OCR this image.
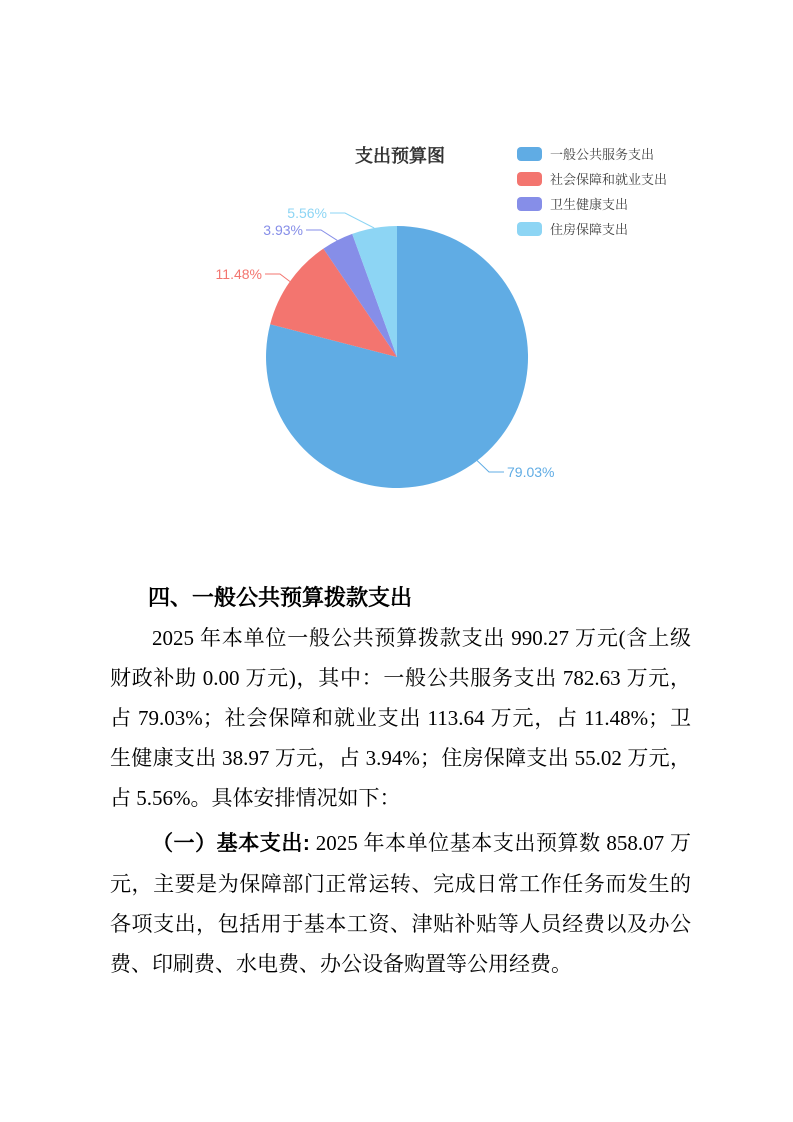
支出预算图	一般公共服务支出
社会保障和就业支出
卫生健康支出
住房保障支出
79.03%
11.48%
3.93%
5.56%
四、一般公共预算拨款支出

2025 年本单位一般公共预算拨款支出 990.27 万元(含上级财政补助 0.00 万元)，其中：一般公共服务支出 782.63 万元，占 79.03%；社会保障和就业支出 113.64 万元，占 11.48%；卫生健康支出 38.97 万元，占 3.94%；住房保障支出 55.02 万元，占 5.56%。具体安排情况如下：

（一）基本支出: 2025 年本单位基本支出预算数 858.07 万元，主要是为保障部门正常运转、完成日常工作任务而发生的各项支出，包括用于基本工资、津贴补贴等人员经费以及办公费、印刷费、水电费、办公设备购置等公用经费。
